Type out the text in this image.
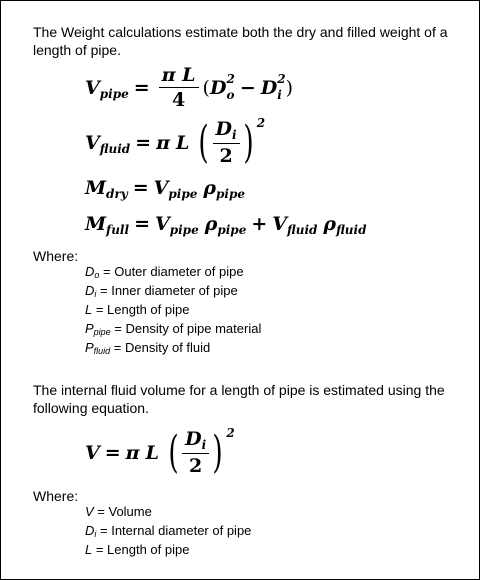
The Weight calculations estimate both the dry and filled weight of a length of pipe.
V pipe = $\frac{\text{π L}}{4}$ ( D 2
o − D 2
i )
V fluid = π L ( $\frac{D_i}{2}$ ) 2
M dry = V pipe ρ pipe
M full = V pipe ρ pipe + V fluid ρ fluid
Where:
Do = Outer diameter of pipe
Di = Inner diameter of pipe
L = Length of pipe
Ppipe = Density of pipe material
Pfluid = Density of fluid
The internal fluid volume for a length of pipe is estimated using the following equation.
V = π L ( $\frac{D_i}{2}$ ) 2
Where:
V = Volume
Di = Internal diameter of pipe
L = Length of pipe
